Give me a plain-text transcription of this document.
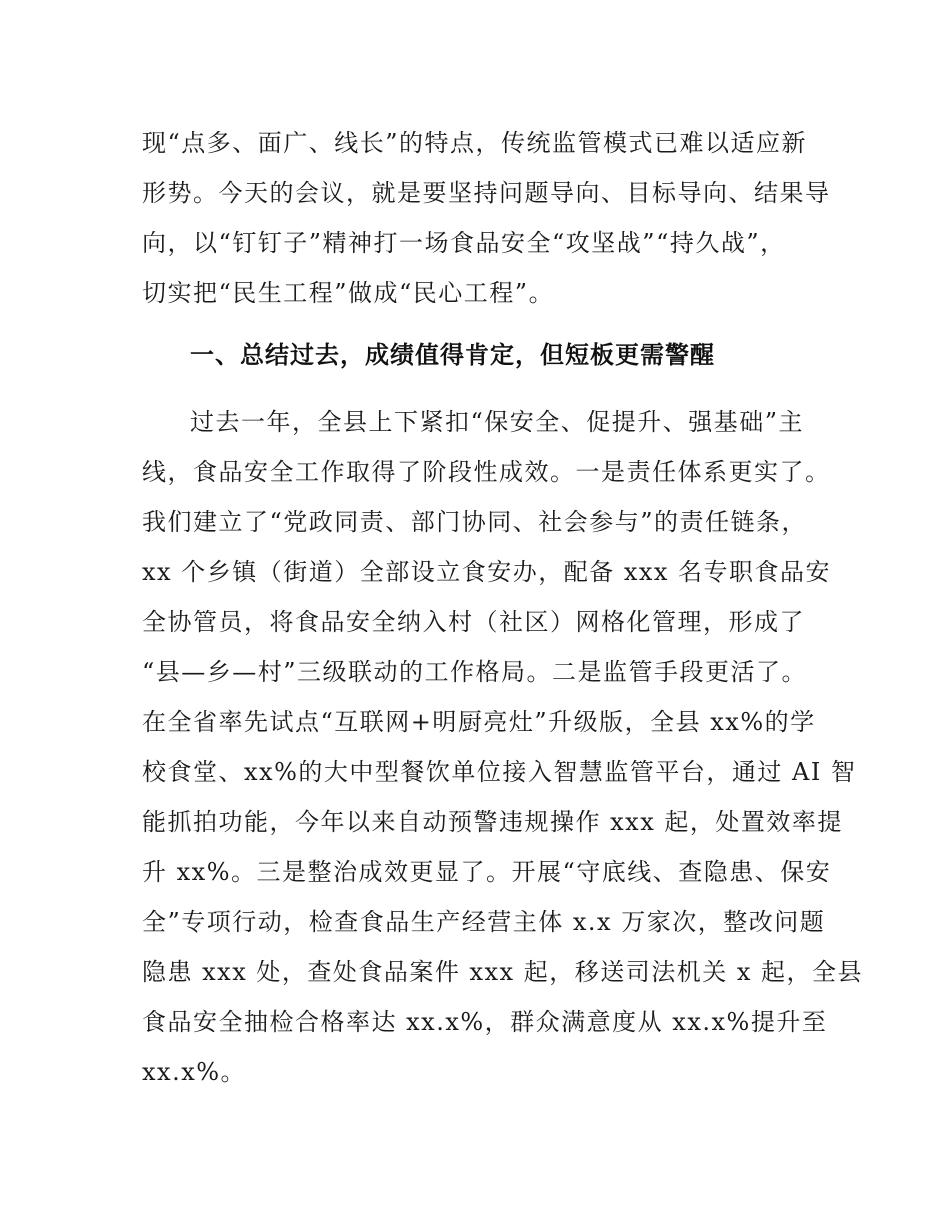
现“点多、面广、线长”的特点，传统监管模式已难以适应新
形势。今天的会议，就是要坚持问题导向、目标导向、结果导
向，以“钉钉子”精神打一场食品安全“攻坚战”“持久战”，
切实把“民生工程”做成“民心工程”。
一、总结过去，成绩值得肯定，但短板更需警醒
过去一年，全县上下紧扣“保安全、促提升、强基础”主
线，食品安全工作取得了阶段性成效。一是责任体系更实了。
我们建立了“党政同责、部门协同、社会参与”的责任链条，
xx 个乡镇（街道）全部设立食安办，配备 xxx 名专职食品安
全协管员，将食品安全纳入村（社区）网格化管理，形成了
“县—乡—村”三级联动的工作格局。二是监管手段更活了。
在全省率先试点“互联网+明厨亮灶”升级版，全县 xx%的学
校食堂、xx%的大中型餐饮单位接入智慧监管平台，通过 AI 智
能抓拍功能，今年以来自动预警违规操作 xxx 起，处置效率提
升 xx%。三是整治成效更显了。开展“守底线、查隐患、保安
全”专项行动，检查食品生产经营主体 x.x 万家次，整改问题
隐患 xxx 处，查处食品案件 xxx 起，移送司法机关 x 起，全县
食品安全抽检合格率达 xx.x%，群众满意度从 xx.x%提升至
xx.x%。
